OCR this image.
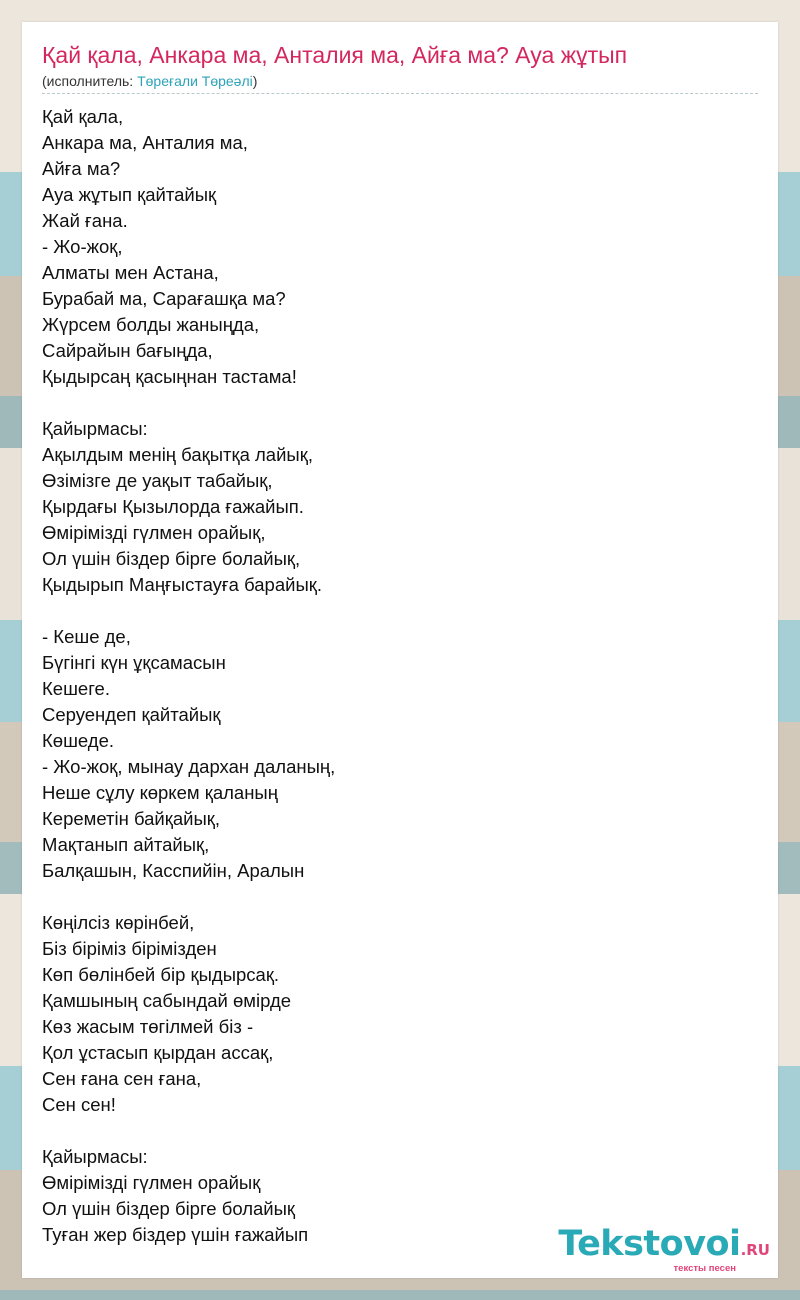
Қай қала, Анкара ма, Анталия ма, Айға ма? Ауа жұтып
(исполнитель: Төреғали Төреәлі)
Қай қала,
Анкара ма, Анталия ма,
Айға ма?
Ауа жұтып қайтайық
Жай ғана.
- Жо-жоқ,
Алматы мен Астана,
Бурабай ма, Сарағашқа ма?
Жүрсем болды жаныңда,
Сайрайын бағыңда,
Қыдырсаң қасыңнан тастама!
Қайырмасы:
Ақылдым менің бақытқа лайық,
Өзімізге де уақыт табайық,
Қырдағы Қызылорда ғажайып.
Өмірімізді гүлмен орайық,
Ол үшін біздер бірге болайық,
Қыдырып Маңғыстауға барайық.
- Кеше де,
Бүгінгі күн ұқсамасын
Кешеге.
Серуендеп қайтайық
Көшеде.
- Жо-жоқ, мынау дархан даланың,
Неше сұлу көркем қаланың
Кереметін байқайық,
Мақтанып айтайық,
Балқашын, Касспийін, Аралын
Көңілсіз көрінбей,
Біз біріміз бірімізден
Көп бөлінбей бір қыдырсақ.
Қамшының сабындай өмірде
Көз жасым төгілмей біз -
Қол ұстасып қырдан ассақ,
Сен ғана сен ғана,
Сен сен!
Қайырмасы:
Өмірімізді гүлмен орайық
Ол үшін біздер бірге болайық
Туған жер біздер үшін ғажайып	Tekstovoi.RU
тексты песен
